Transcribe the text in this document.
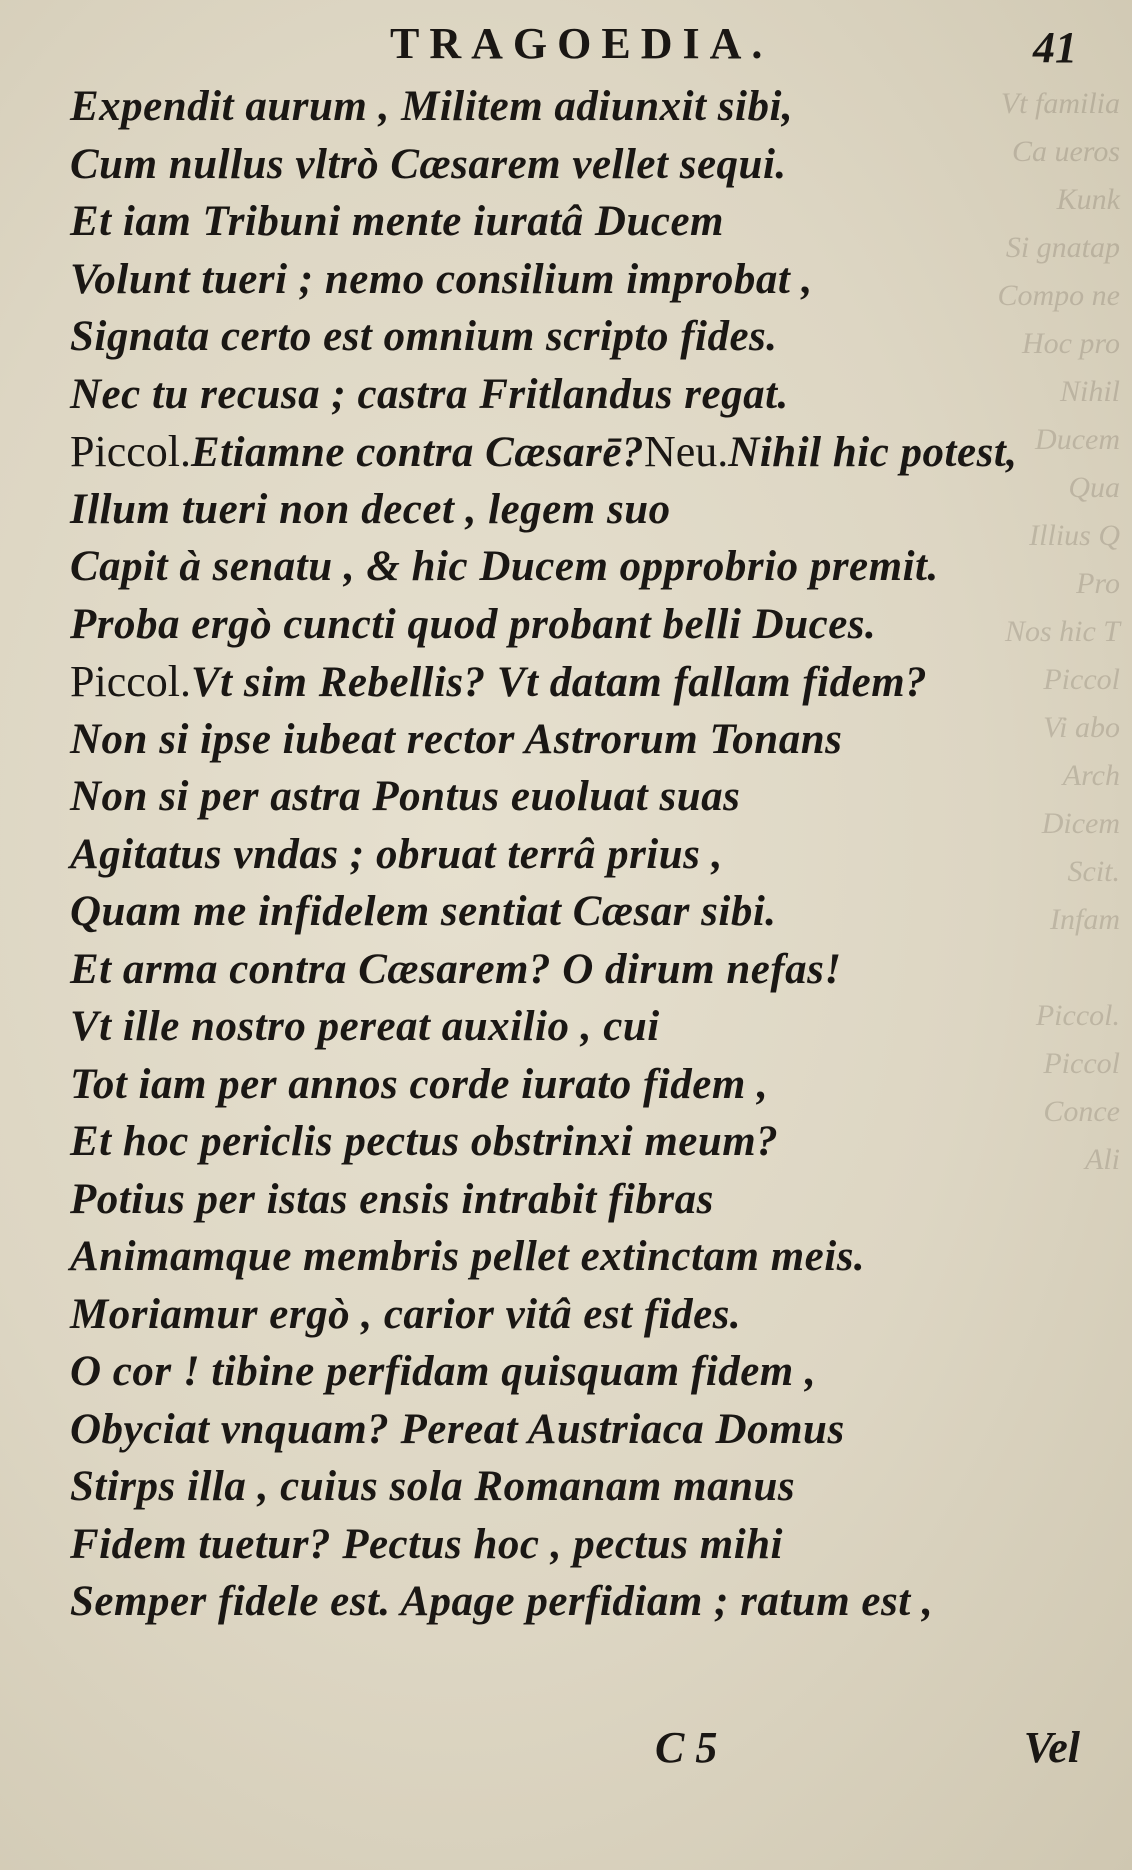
Vt familia
Ca ueros
Kunk
Si gnatap
Compo ne
Hoc pro
Nihil
Ducem
Qua
Illius Q
Pro
Nos hic T
Piccol
Vi abo
Arch
Dicem
Scit.
Infam

Piccol.
Piccol
Conce
Ali
TRAGOEDIA.	41
Expendit aurum , Militem adiunxit sibi,
Cum nullus vltrò Cæsarem vellet sequi.
Et iam Tribuni mente iuratâ Ducem
Volunt tueri ; nemo consilium improbat ,
Signata certo est omnium scripto fides.
Nec tu recusa ; castra Fritlandus regat.
Piccol.Etiamne contra Cæsarē?Neu.Nihil hic potest,
Illum tueri non decet , legem suo
Capit à senatu , & hic Ducem opprobrio premit.
Proba ergò cuncti quod probant belli Duces.
Piccol.Vt sim Rebellis? Vt datam fallam fidem?
Non si ipse iubeat rector Astrorum Tonans
Non si per astra Pontus euoluat suas
Agitatus vndas ; obruat terrâ prius ,
Quam me infidelem sentiat Cæsar sibi.
Et arma contra Cæsarem? O dirum nefas!
Vt ille nostro pereat auxilio , cui
Tot iam per annos corde iurato fidem ,
Et hoc periclis pectus obstrinxi meum?
Potius per istas ensis intrabit fibras
Animamque membris pellet extinctam meis.
Moriamur ergò , carior vitâ est fides.
O cor ! tibine perfidam quisquam fidem ,
Obyciat vnquam? Pereat Austriaca Domus
Stirps illa , cuius sola Romanam manus
Fidem tuetur? Pectus hoc , pectus mihi
Semper fidele est. Apage perfidiam ; ratum est ,
C 5	Vel
